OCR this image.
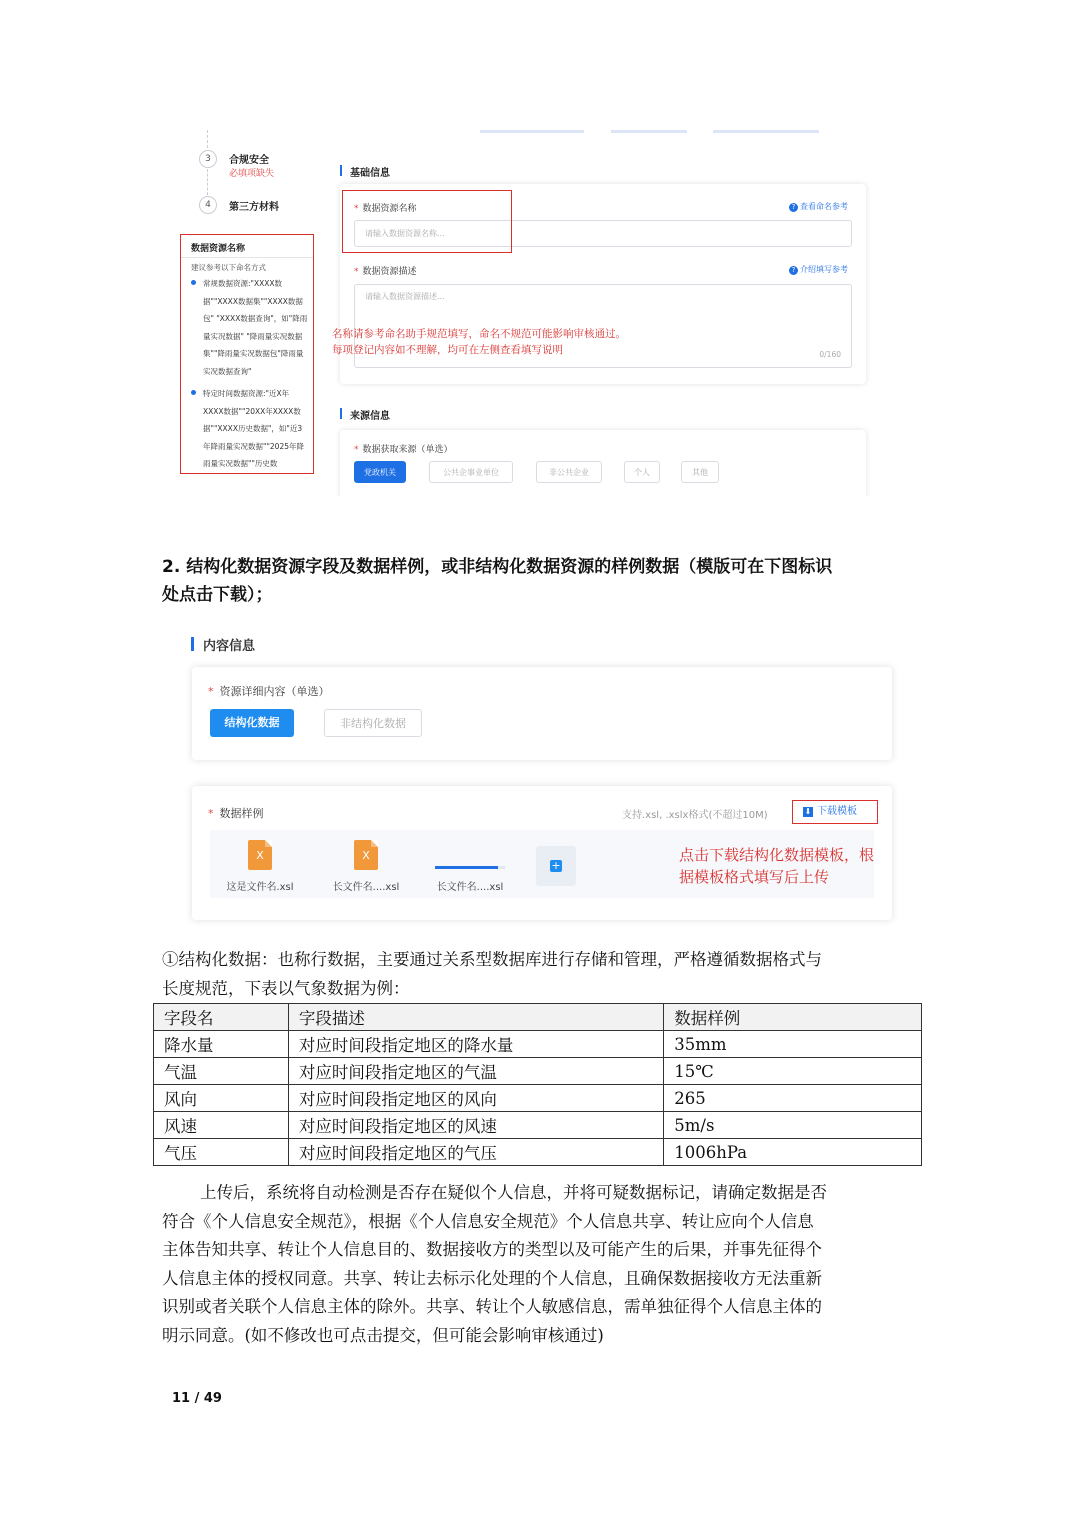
3	合规安全
必填项缺失
4	第三方材料
数据资源名称
建议参考以下命名方式
常规数据资源:"XXXX数据""XXXX数据集""XXXX数据包" "XXXX数据查询"，如"降雨量实况数据" "降雨量实况数据集""降雨量实况数据包"降雨量实况数据查询"
特定时间数据资源:"近X年XXXX数据""20XX年XXXX数据""XXXX历史数据"，如"近3年降雨量实况数据""2025年降雨量实况数据""历史数
基础信息
* 数据资源名称	? 查看命名参考
请输入数据资源名称...
* 数据资源描述	? 介绍填写参考
请输入数据资源描述...
0/160
名称请参考命名助手规范填写，命名不规范可能影响审核通过。
每项登记内容如不理解，均可在左侧查看填写说明
来源信息
* 数据获取来源（单选）
党政机关	公共企事业单位	非公共企业	个人	其他
2. 结构化数据资源字段及数据样例，或非结构化数据资源的样例数据（模版可在下图标识
处点击下载）；
内容信息
* 资源详细内容（单选）
结构化数据	非结构化数据
* 数据样例	支持.xsl, .xslx格式(不超过10M)	⬇ 下载模板
X
这是文件名.xsl
X
长文件名....xsl	长文件名....xsl
+
点击下载结构化数据模板，根
据模板格式填写后上传
①结构化数据：也称行数据，主要通过关系型数据库进行存储和管理，严格遵循数据格式与
长度规范，下表以气象数据为例：
字段名	字段描述	数据样例
降水量	对应时间段指定地区的降水量	35mm
气温	对应时间段指定地区的气温	15℃
风向	对应时间段指定地区的风向	265
风速	对应时间段指定地区的风速	5m/s
气压	对应时间段指定地区的气压	1006hPa
上传后，系统将自动检测是否存在疑似个人信息，并将可疑数据标记，请确定数据是否
符合《个人信息安全规范》，根据《个人信息安全规范》个人信息共享、转让应向个人信息
主体告知共享、转让个人信息目的、数据接收方的类型以及可能产生的后果，并事先征得个
人信息主体的授权同意。共享、转让去标示化处理的个人信息，且确保数据接收方无法重新
识别或者关联个人信息主体的除外。共享、转让个人敏感信息，需单独征得个人信息主体的
明示同意。(如不修改也可点击提交，但可能会影响审核通过)
11 / 49
